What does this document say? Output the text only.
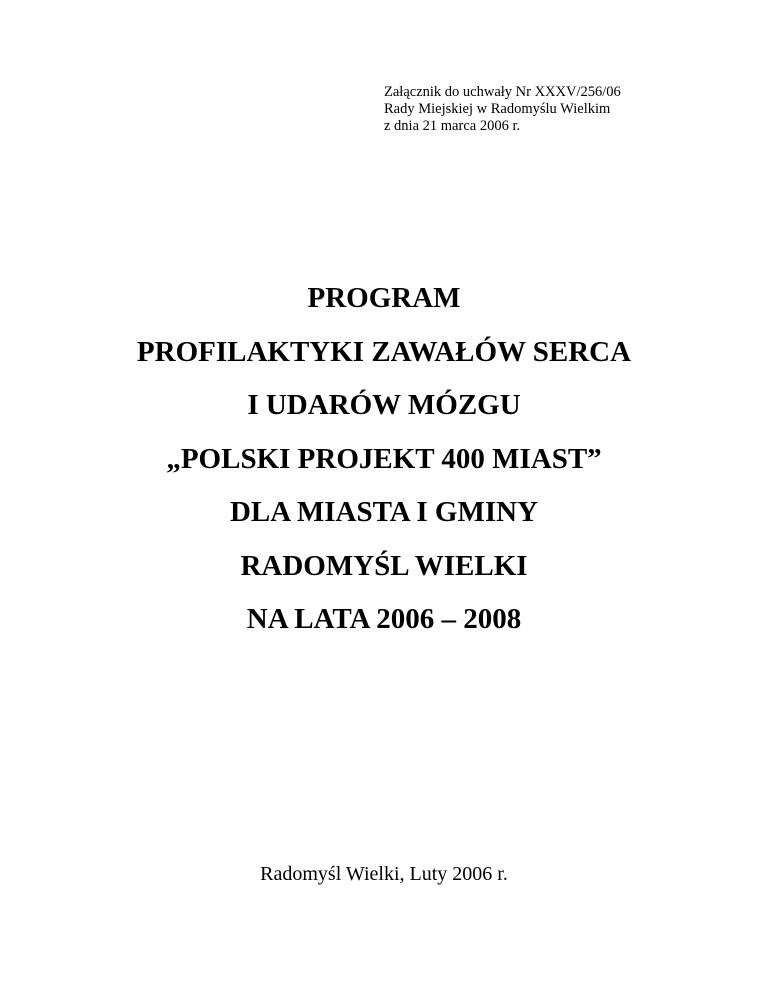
Załącznik do uchwały Nr XXXV/256/06
Rady Miejskiej w Radomyślu Wielkim
z dnia 21 marca 2006 r.
PROGRAM
PROFILAKTYKI ZAWAŁÓW SERCA
I UDARÓW MÓZGU
„POLSKI PROJEKT 400 MIAST”
DLA MIASTA I GMINY
RADOMYŚL WIELKI
NA LATA 2006 – 2008
Radomyśl Wielki, Luty 2006 r.
